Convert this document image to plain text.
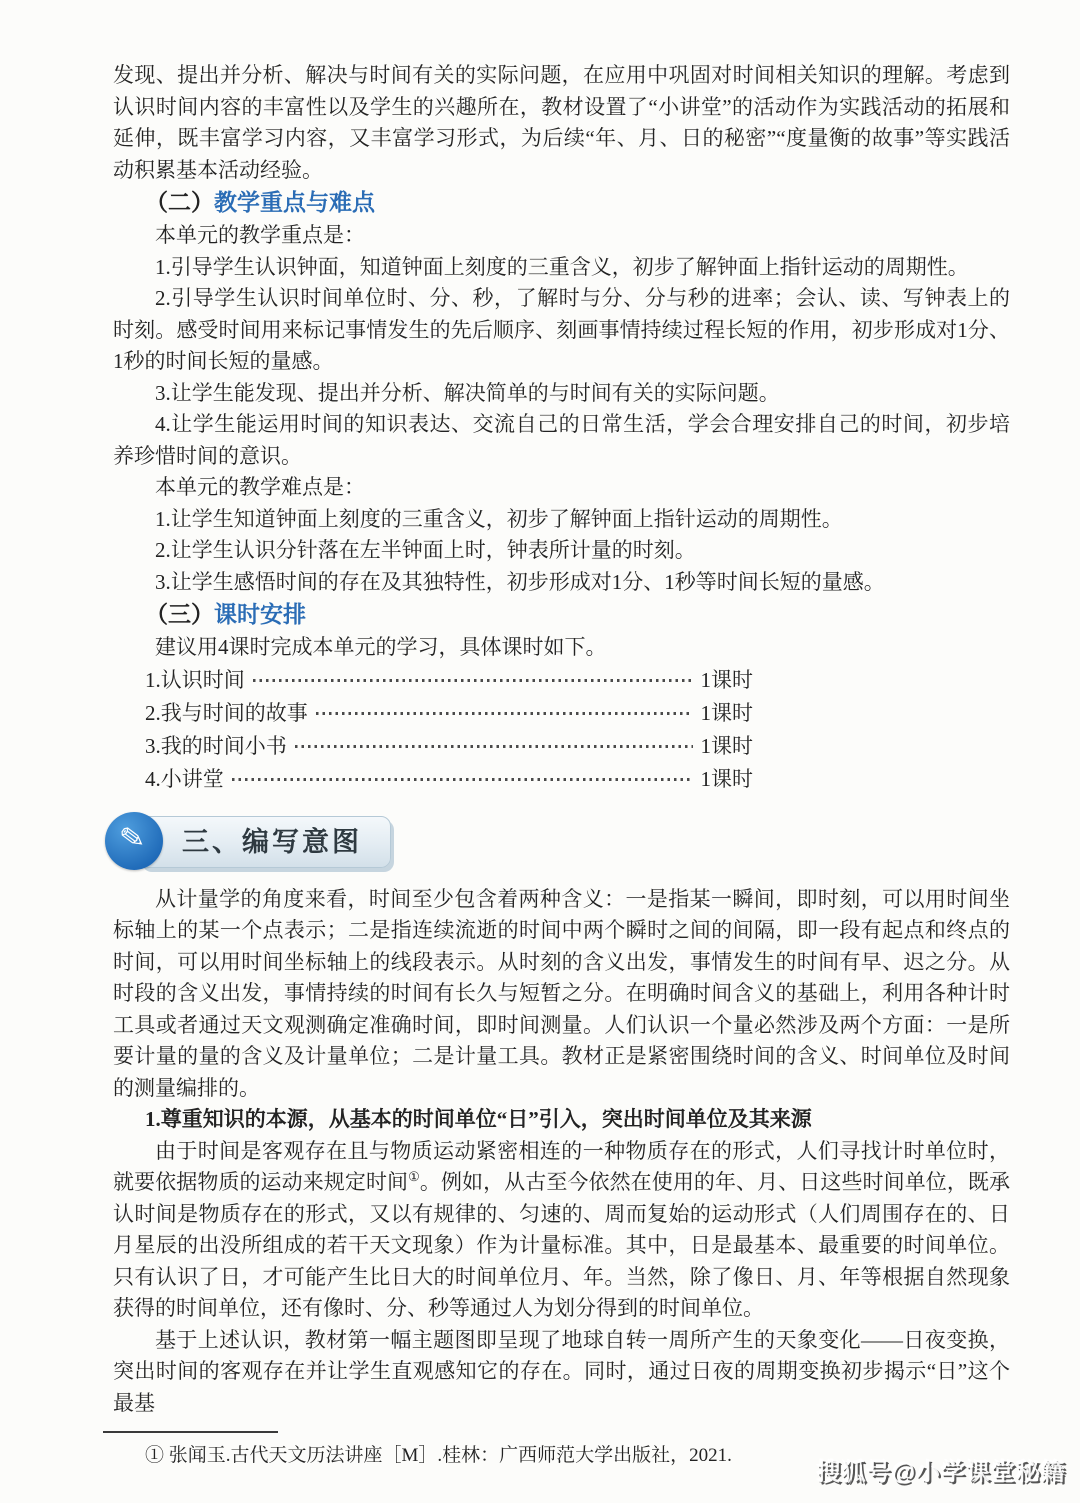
发现、提出并分析、解决与时间有关的实际问题，在应用中巩固对时间相关知识的理解。考虑到认识时间内容的丰富性以及学生的兴趣所在，教材设置了“小讲堂”的活动作为实践活动的拓展和延伸，既丰富学习内容，又丰富学习形式，为后续“年、月、日的秘密”“度量衡的故事”等实践活动积累基本活动经验。

（二）教学重点与难点

本单元的教学重点是：

1.引导学生认识钟面，知道钟面上刻度的三重含义，初步了解钟面上指针运动的周期性。

2.引导学生认识时间单位时、分、秒，了解时与分、分与秒的进率；会认、读、写钟表上的时刻。感受时间用来标记事情发生的先后顺序、刻画事情持续过程长短的作用，初步形成对1分、1秒的时间长短的量感。

3.让学生能发现、提出并分析、解决简单的与时间有关的实际问题。

4.让学生能运用时间的知识表达、交流自己的日常生活，学会合理安排自己的时间，初步培养珍惜时间的意识。

本单元的教学难点是：

1.让学生知道钟面上刻度的三重含义，初步了解钟面上指针运动的周期性。

2.让学生认识分针落在左半钟面上时，钟表所计量的时刻。

3.让学生感悟时间的存在及其独特性，初步形成对1分、1秒等时间长短的量感。

（三）课时安排

建议用4课时完成本单元的学习，具体课时如下。

1.认识时间	1课时
2.我与时间的故事	1课时
3.我的时间小书	1课时
4.小讲堂	1课时
✎	三、编写意图

从计量学的角度来看，时间至少包含着两种含义：一是指某一瞬间，即时刻，可以用时间坐标轴上的某一个点表示；二是指连续流逝的时间中两个瞬时之间的间隔，即一段有起点和终点的时间，可以用时间坐标轴上的线段表示。从时刻的含义出发，事情发生的时间有早、迟之分。从时段的含义出发，事情持续的时间有长久与短暂之分。在明确时间含义的基础上，利用各种计时工具或者通过天文观测确定准确时间，即时间测量。人们认识一个量必然涉及两个方面：一是所要计量的量的含义及计量单位；二是计量工具。教材正是紧密围绕时间的含义、时间单位及时间的测量编排的。

1.尊重知识的本源，从基本的时间单位“日”引入，突出时间单位及其来源

由于时间是客观存在且与物质运动紧密相连的一种物质存在的形式，人们寻找计时单位时，就要依据物质的运动来规定时间①。例如，从古至今依然在使用的年、月、日这些时间单位，既承认时间是物质存在的形式，又以有规律的、匀速的、周而复始的运动形式（人们周围存在的、日月星辰的出没所组成的若干天文现象）作为计量标准。其中，日是最基本、最重要的时间单位。只有认识了日，才可能产生比日大的时间单位月、年。当然，除了像日、月、年等根据自然现象获得的时间单位，还有像时、分、秒等通过人为划分得到的时间单位。

基于上述认识，教材第一幅主题图即呈现了地球自转一周所产生的天象变化——日夜变换，突出时间的客观存在并让学生直观感知它的存在。同时，通过日夜的周期变换初步揭示“日”这个最基

① 张闻玉.古代天文历法讲座［M］.桂林：广西师范大学出版社，2021.

搜狐号@小学课堂秘籍
